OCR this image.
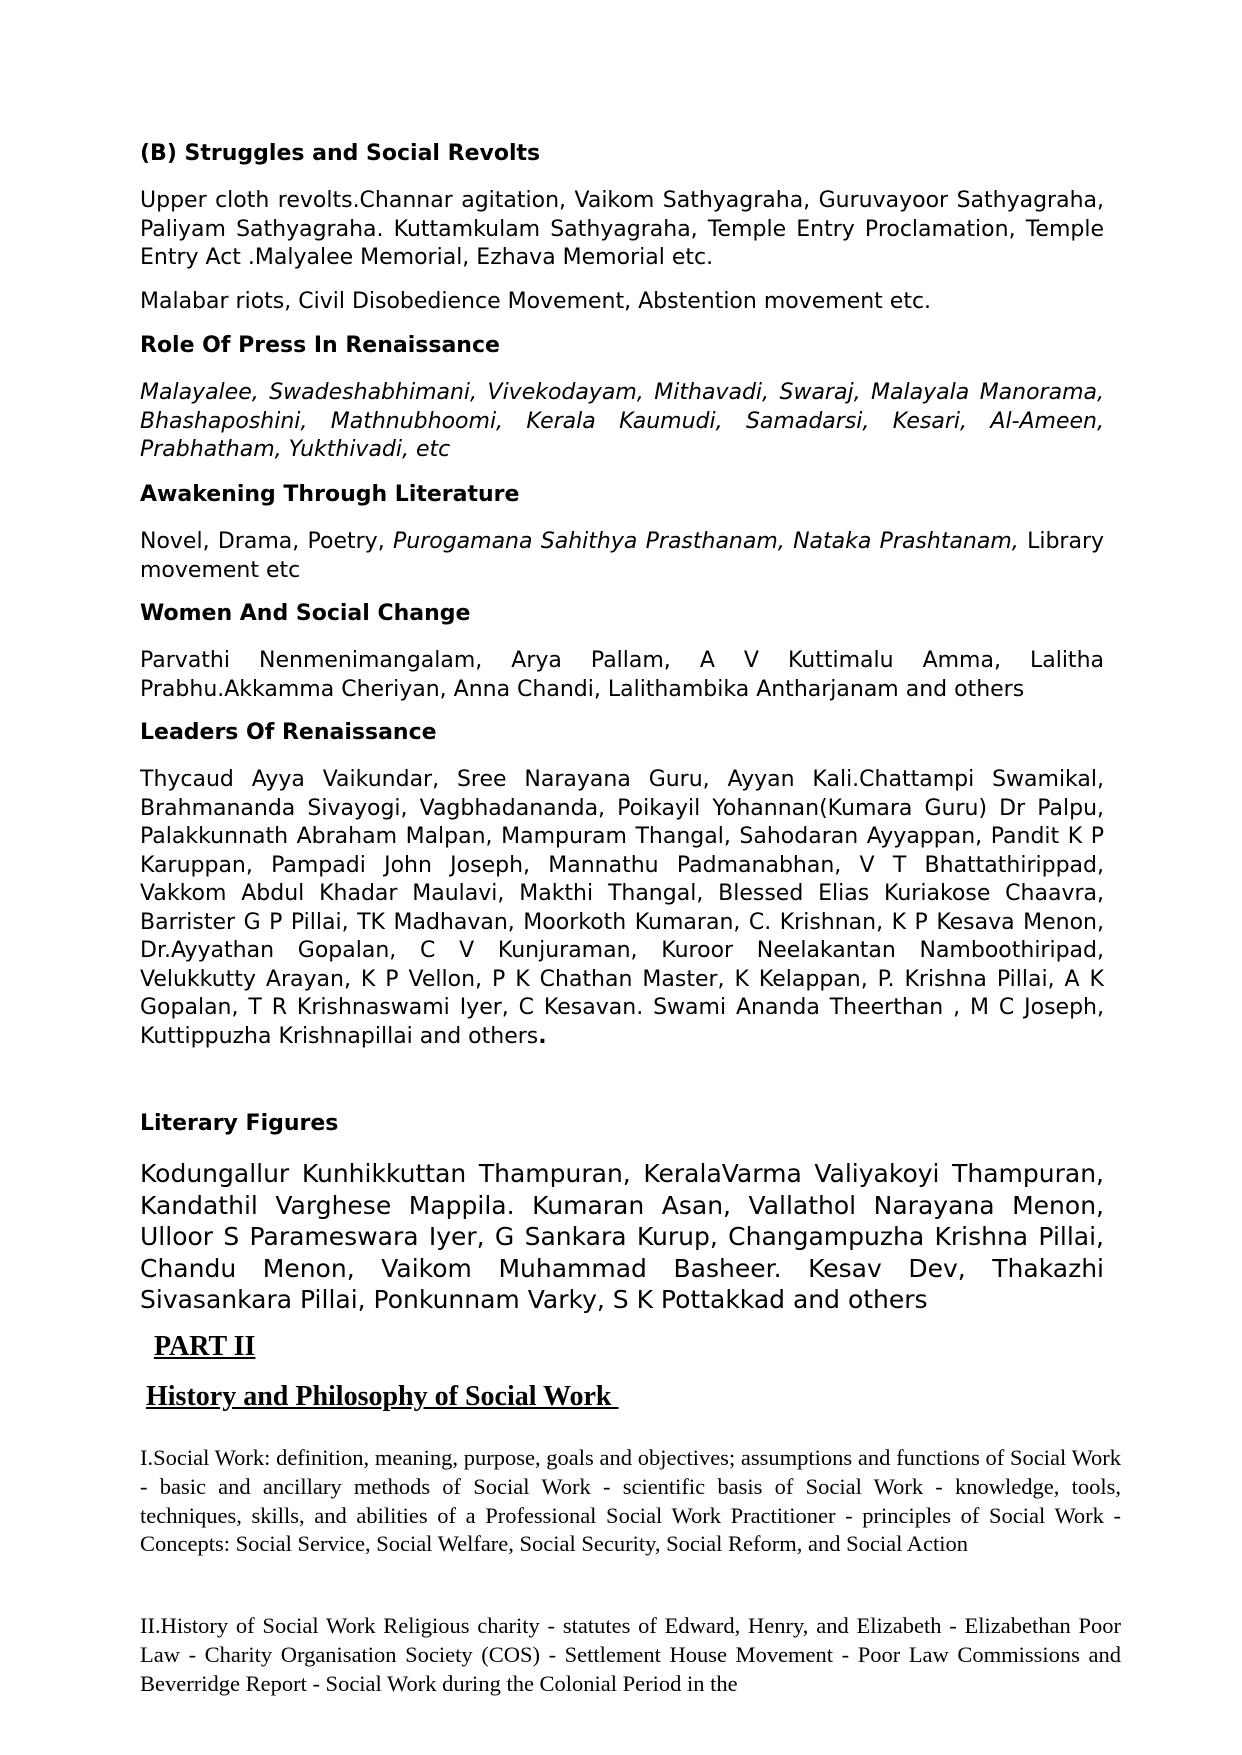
(B) Struggles and Social Revolts

Upper cloth revolts.Channar agitation, Vaikom Sathyagraha, Guruvayoor Sathyagraha, Paliyam Sathyagraha. Kuttamkulam Sathyagraha, Temple Entry Proclamation, Temple Entry Act .Malyalee Memorial, Ezhava Memorial etc.

Malabar riots, Civil Disobedience Movement, Abstention movement etc.

Role Of Press In Renaissance

Malayalee, Swadeshabhimani, Vivekodayam, Mithavadi, Swaraj, Malayala Manorama, Bhashaposhini, Mathnubhoomi, Kerala Kaumudi, Samadarsi, Kesari, Al-Ameen, Prabhatham, Yukthivadi, etc

Awakening Through Literature

Novel, Drama, Poetry, Purogamana Sahithya Prasthanam, Nataka Prashtanam, Library movement etc

Women And Social Change

Parvathi Nenmenimangalam, Arya Pallam, A V Kuttimalu Amma, Lalitha Prabhu.Akkamma Cheriyan, Anna Chandi, Lalithambika Antharjanam and others

Leaders Of Renaissance

Thycaud Ayya Vaikundar, Sree Narayana Guru, Ayyan Kali.Chattampi Swamikal, Brahmananda Sivayogi, Vagbhadananda, Poikayil Yohannan(Kumara Guru) Dr Palpu, Palakkunnath Abraham Malpan, Mampuram Thangal, Sahodaran Ayyappan, Pandit K P Karuppan, Pampadi John Joseph, Mannathu Padmanabhan, V T Bhattathirippad, Vakkom Abdul Khadar Maulavi, Makthi Thangal, Blessed Elias Kuriakose Chaavra, Barrister G P Pillai, TK Madhavan, Moorkoth Kumaran, C. Krishnan, K P Kesava Menon, Dr.Ayyathan Gopalan, C V Kunjuraman, Kuroor Neelakantan Namboothiripad, Velukkutty Arayan, K P Vellon, P K Chathan Master, K Kelappan, P. Krishna Pillai, A K Gopalan, T R Krishnaswami Iyer, C Kesavan. Swami Ananda Theerthan , M C Joseph, Kuttippuzha Krishnapillai and others.

Literary Figures

Kodungallur Kunhikkuttan Thampuran, KeralaVarma Valiyakoyi Thampuran, Kandathil Varghese Mappila. Kumaran Asan, Vallathol Narayana Menon, Ulloor S Parameswara Iyer, G Sankara Kurup, Changampuzha Krishna Pillai, Chandu Menon, Vaikom Muhammad Basheer. Kesav Dev, Thakazhi Sivasankara Pillai, Ponkunnam Varky, S K Pottakkad and others

PART II

History and Philosophy of Social Work

I.Social Work: definition, meaning, purpose, goals and objectives; assumptions and functions of Social Work - basic and ancillary methods of Social Work - scientific basis of Social Work - knowledge, tools, techniques, skills, and abilities of a Professional Social Work Practitioner - principles of Social Work - Concepts: Social Service, Social Welfare, Social Security, Social Reform, and Social Action

II.History of Social Work Religious charity - statutes of Edward, Henry, and Elizabeth - Elizabethan Poor Law - Charity Organisation Society (COS) - Settlement House Movement - Poor Law Commissions and Beverridge Report - Social Work during the Colonial Period in the
